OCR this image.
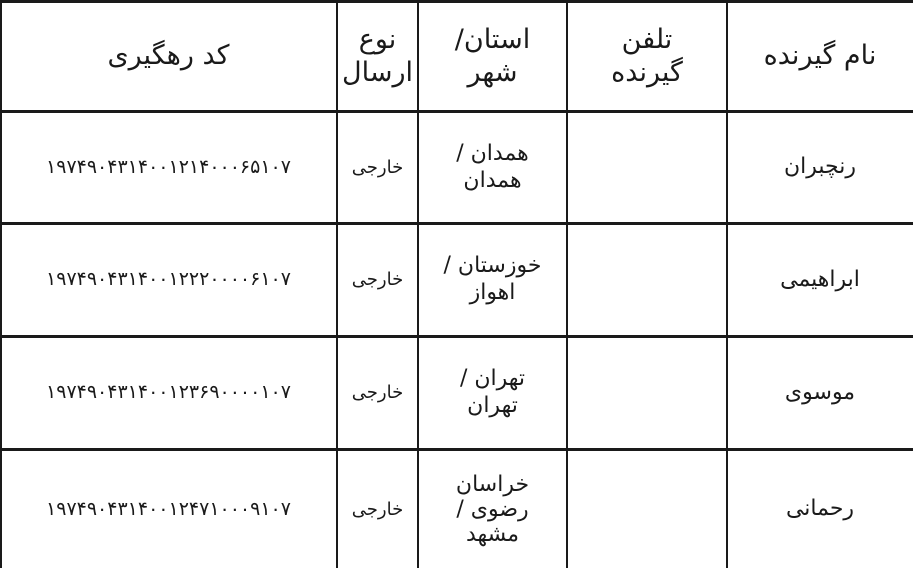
نام گیرنده
تلفن گیرنده
استان/ شهر
نوع ارسال
کد رهگیری
رنچبران
همدان / همدان
خارجی
۱۹۷۴۹۰۴۳۱۴۰۰۱۲۱۴۰۰۰۶۵۱۰۷
ابراهیمی
خوزستان / اهواز
خارجی
۱۹۷۴۹۰۴۳۱۴۰۰۱۲۲۲۰۰۰۰۶۱۰۷
موسوی
تهران / تهران
خارجی
۱۹۷۴۹۰۴۳۱۴۰۰۱۲۳۶۹۰۰۰۰۱۰۷
رحمانی
خراسان رضوی / مشهد
خارجی
۱۹۷۴۹۰۴۳۱۴۰۰۱۲۴۷۱۰۰۰۹۱۰۷
